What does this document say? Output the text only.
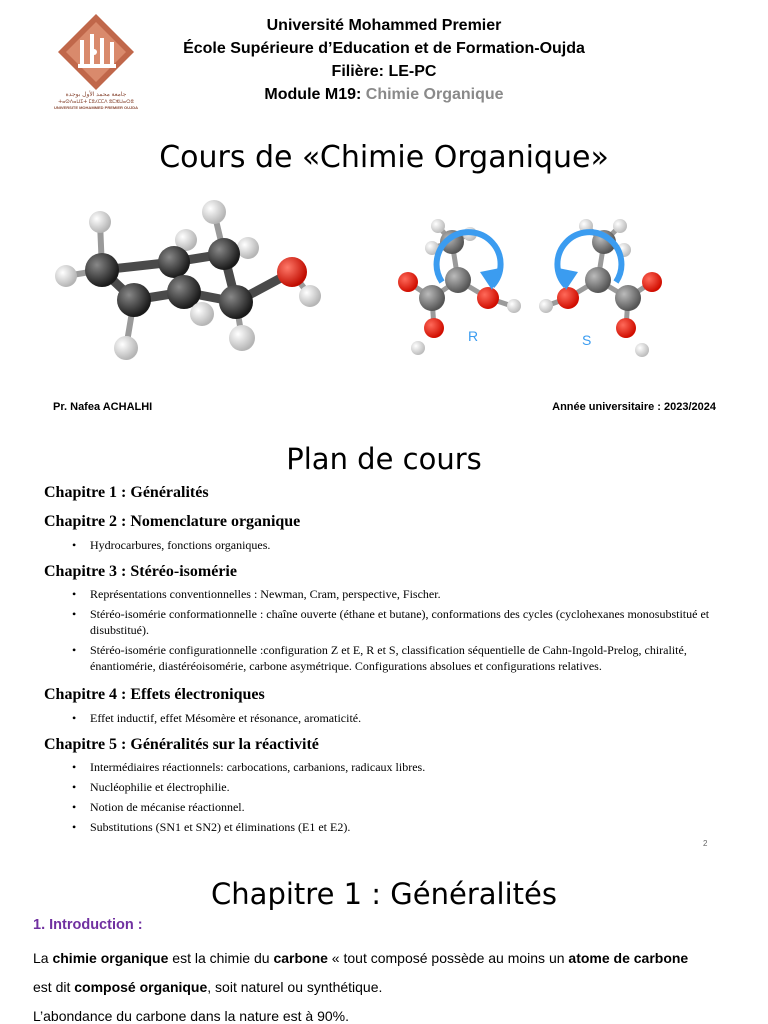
جامعة محمد الأول بوجدة
ⵜⴰⵙⴷⴰⵡⵉⵜ ⵎⵓⵃⵎⵎⴷ ⵓⵎⵣⵡⴰⵔⵓ
UNIVERSITE MOHAMMED PREMIER OUJDA
Université Mohammed Premier
École Supérieure d’Education et de Formation-Oujda
Filière: LE-PC
Module M19: Chimie Organique
Cours de «Chimie Organique»
R	S
Pr. Nafea ACHALHI	Année universitaire : 2023/2024
Plan de cours
Chapitre 1 : Généralités
Chapitre 2 : Nomenclature organique
• Hydrocarbures, fonctions organiques.
Chapitre 3 : Stéréo-isomérie
• Représentations conventionnelles : Newman, Cram, perspective, Fischer.
• Stéréo-isomérie conformationnelle : chaîne ouverte (éthane et butane), conformations des cycles (cyclohexanes monosubstitué et disubstitué).
• Stéréo-isomérie configurationnelle :configuration Z et E, R et S, classification séquentielle de Cahn-Ingold-Prelog, chiralité, énantiomérie, diastéréoisomérie, carbone asymétrique. Configurations absolues et configurations relatives.
Chapitre 4 : Effets électroniques
• Effet inductif, effet Mésomère et résonance, aromaticité.
Chapitre 5 : Généralités sur la réactivité
• Intermédiaires réactionnels: carbocations, carbanions, radicaux libres.
• Nucléophilie et électrophilie.
• Notion de mécanise réactionnel.
• Substitutions (SN1 et SN2) et éliminations (E1 et E2).
2
Chapitre 1 : Généralités
1. Introduction :
La chimie organique est la chimie du carbone « tout composé possède au moins un atome de carbone
est dit composé organique, soit naturel ou synthétique.
L’abondance du carbone dans la nature est à 90%.
